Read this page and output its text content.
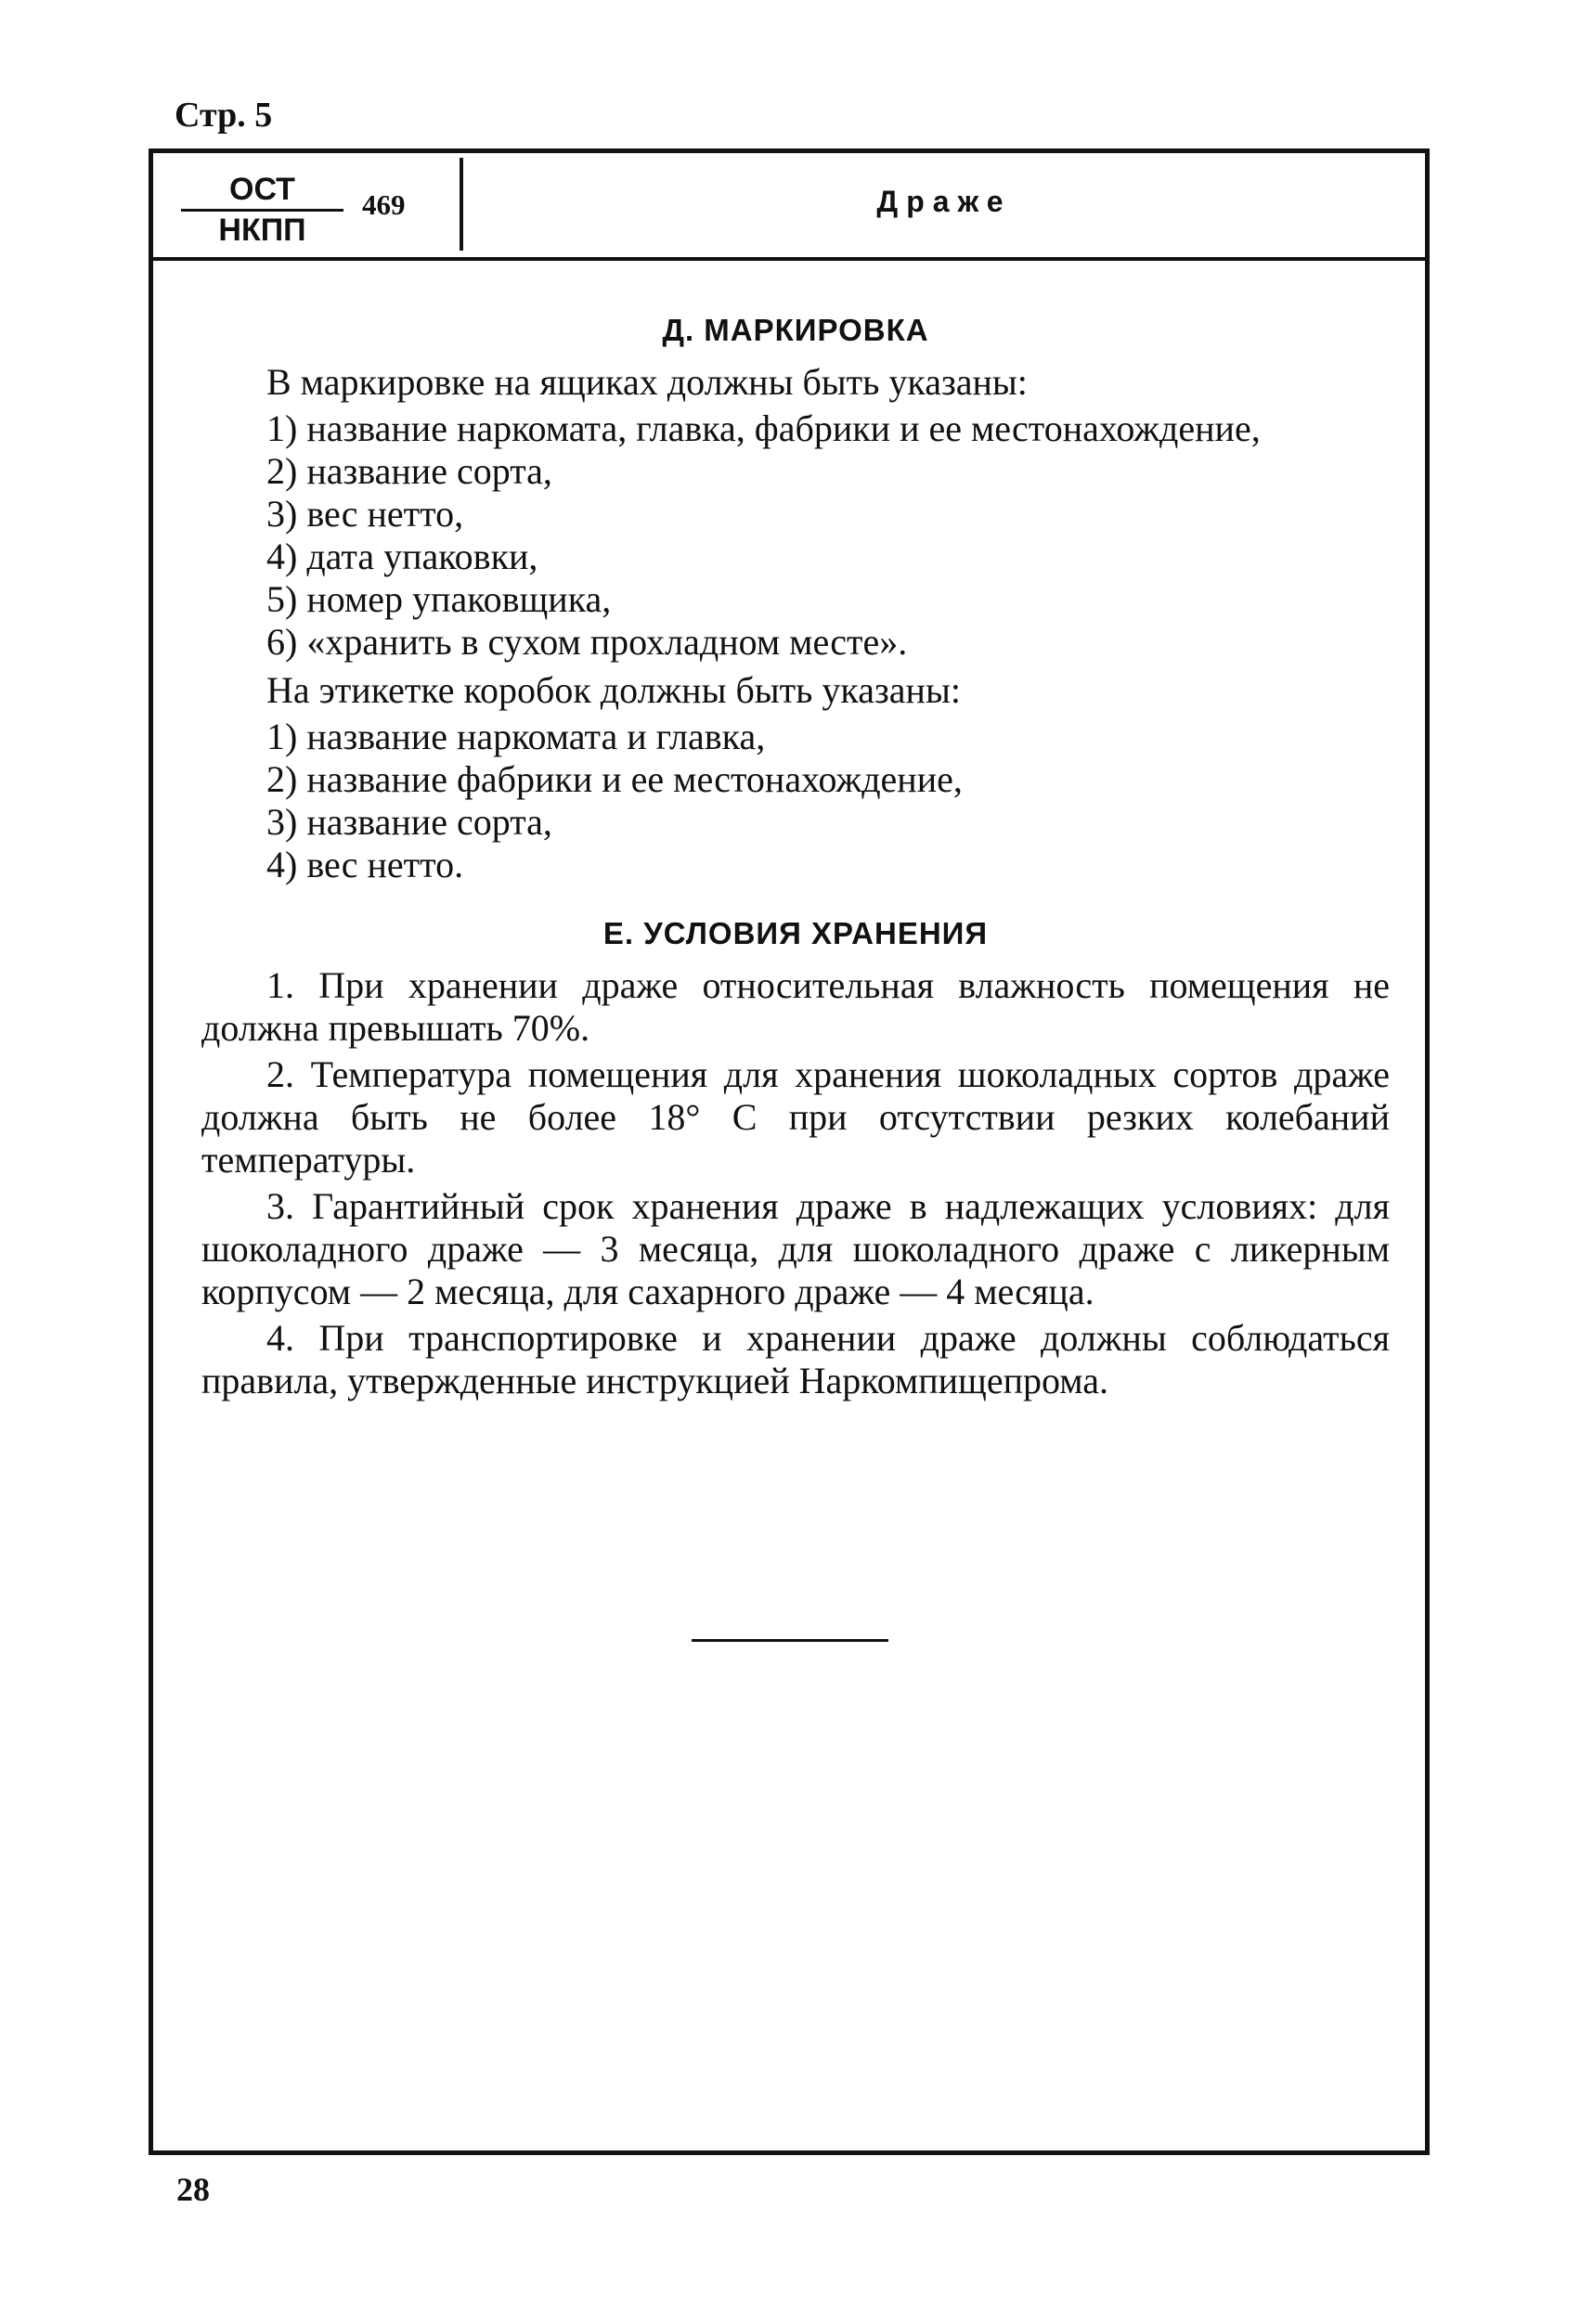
Стр. 5
ОСТ
НКПП
469	Драже
Д. МАРКИРОВКА

В маркировке на ящиках должны быть указаны:

1) название наркомата, главка, фабрики и ее местонахождение,
2) название сорта,
3) вес нетто,
4) дата упаковки,
5) номер упаковщика,
6) «хранить в сухом прохладном месте».

На этикетке коробок должны быть указаны:

1) название наркомата и главка,
2) название фабрики и ее местонахождение,
3) название сорта,
4) вес нетто.
Е. УСЛОВИЯ ХРАНЕНИЯ

1. При хранении драже относительная влажность помещения не должна превышать 70%.

2. Температура помещения для хранения шоколадных сортов драже должна быть не более 18° С при отсутствии резких колебаний температуры.

3. Гарантийный срок хранения драже в надлежащих условиях: для шоколадного драже — 3 месяца, для шоколадного драже с ликерным корпусом — 2 месяца, для сахарного драже — 4 месяца.

4. При транспортировке и хранении драже должны соблюдаться правила, утвержденные инструкцией Наркомпищепрома.

28
